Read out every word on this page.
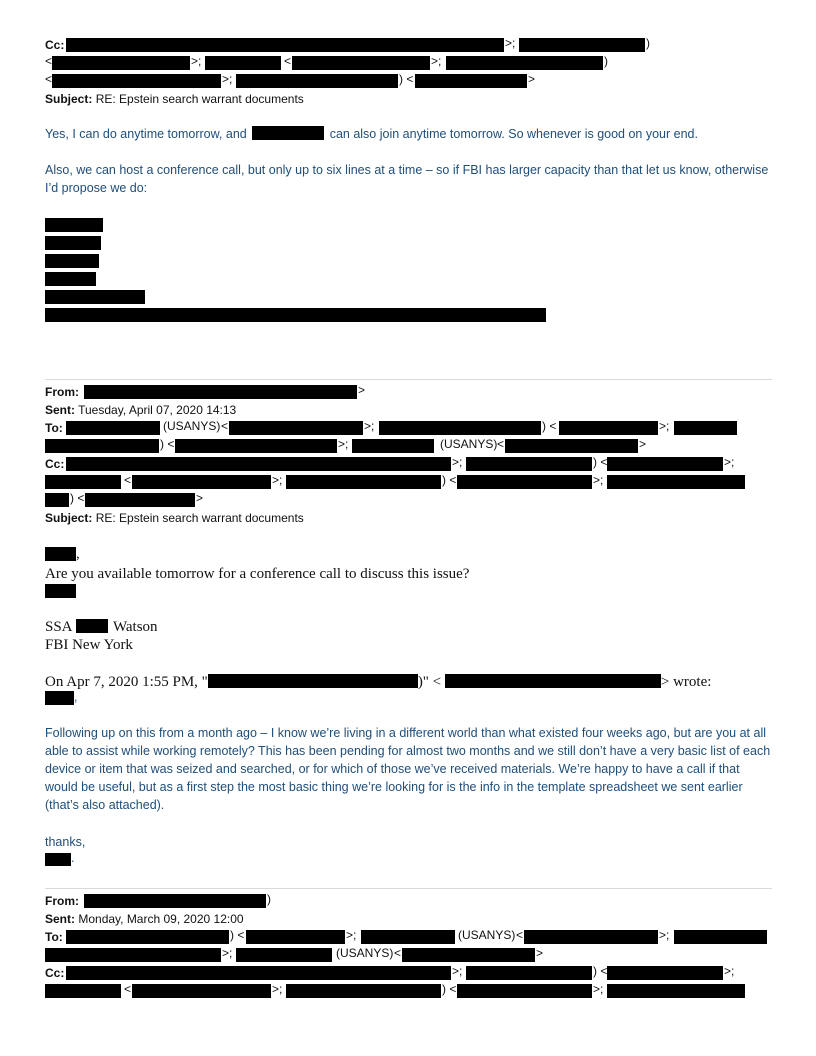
Cc:	>;	)
<	>;	<	>;	)
<	>;	) <	>
Subject: RE: Epstein search warrant documents
Yes, I can do anytime tomorrow, and	can also join anytime tomorrow. So whenever is good on your end.
Also, we can host a conference call, but only up to six lines at a time – so if FBI has larger capacity than that let us know, otherwise I’d propose we do:
From:	>
Sent: Tuesday, April 07, 2020 14:13
To:	(USANYS) <	>;	) <	>;
) <	>;	(USANYS) <	>
Cc:	>;	) <	>;
<	>;	) <	>;
) <	>
Subject: RE: Epstein search warrant documents
,
Are you available tomorrow for a conference call to discuss this issue?
SSA	Watson
FBI New York
On Apr 7, 2020 1:55 PM, "	)" <	> wrote:
,
Following up on this from a month ago – I know we’re living in a different world than what existed four weeks ago, but are you at all able to assist while working remotely? This has been pending for almost two months and we still don’t have a very basic list of each device or item that was seized and searched, or for which of those we’ve received materials. We’re happy to have a call if that would be useful, but as a first step the most basic thing we’re looking for is the info in the template spreadsheet we sent earlier (that’s also attached).
thanks,
.
From:	)
Sent: Monday, March 09, 2020 12:00
To:	) <	>;	(USANYS) <	>;
>;	(USANYS) <	>
Cc:	>;	) <	>;
<	>;	) <	>;
